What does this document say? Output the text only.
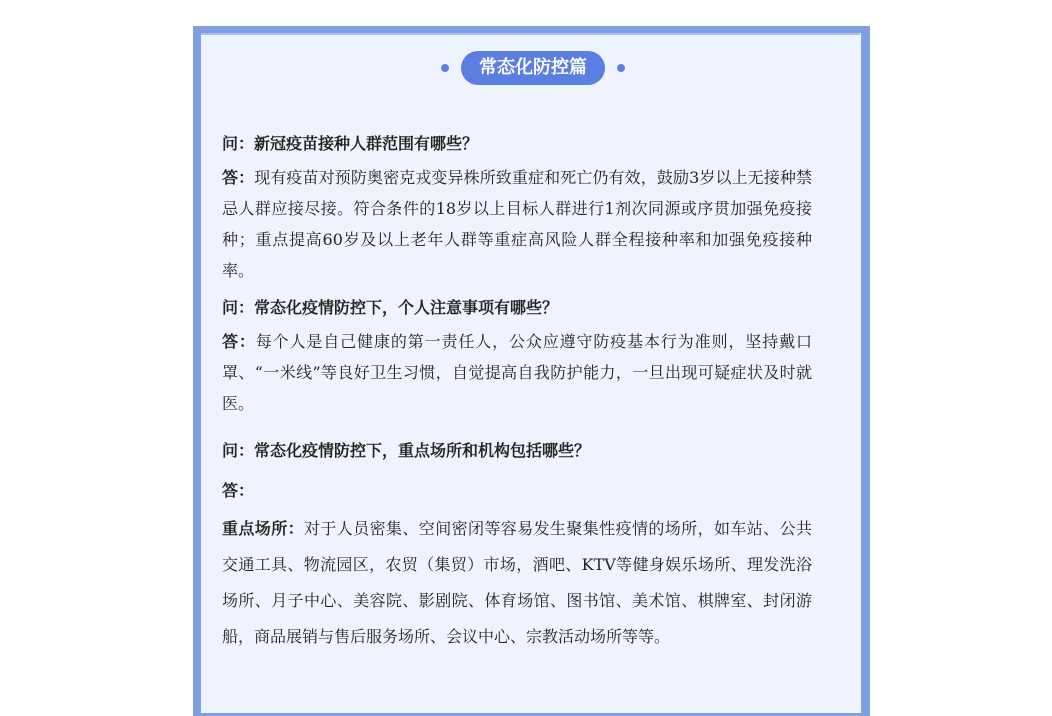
常态化防控篇

问：新冠疫苗接种人群范围有哪些？

答：现有疫苗对预防奥密克戎变异株所致重症和死亡仍有效，鼓励3岁以上无接种禁忌人群应接尽接。符合条件的18岁以上目标人群进行1剂次同源或序贯加强免疫接种；重点提高60岁及以上老年人群等重症高风险人群全程接种率和加强免疫接种率。

问：常态化疫情防控下，个人注意事项有哪些？

答：每个人是自己健康的第一责任人，公众应遵守防疫基本行为准则，坚持戴口罩、“一米线”等良好卫生习惯，自觉提高自我防护能力，一旦出现可疑症状及时就医。

问：常态化疫情防控下，重点场所和机构包括哪些？

答：

重点场所：对于人员密集、空间密闭等容易发生聚集性疫情的场所，如车站、公共交通工具、物流园区，农贸（集贸）市场，酒吧、KTV等健身娱乐场所、理发洗浴场所、月子中心、美容院、影剧院、体育场馆、图书馆、美术馆、棋牌室、封闭游船，商品展销与售后服务场所、会议中心、宗教活动场所等等。
